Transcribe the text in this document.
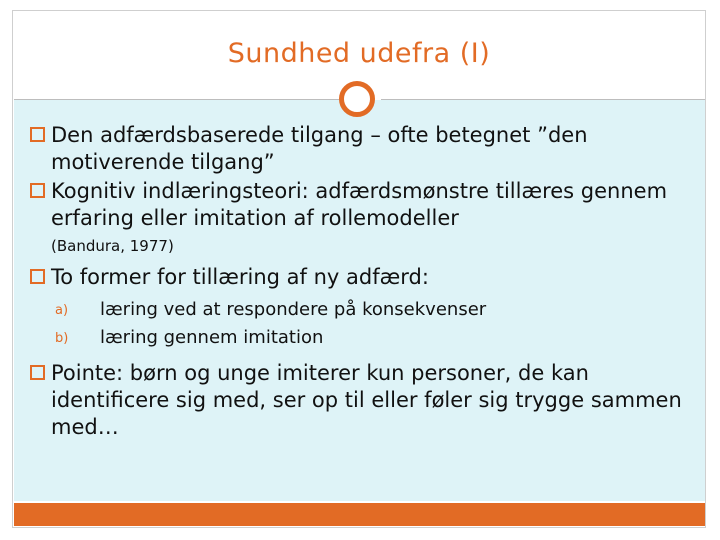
Sundhed udefra (I)
Den adfærdsbaserede tilgang – ofte betegnet ”den motiverende tilgang”
Kognitiv indlæringsteori: adfærdsmønstre tillæres gennem erfaring eller imitation af rollemodeller
(Bandura, 1977)
To former for tillæring af ny adfærd:
a) læring ved at respondere på konsekvenser
b) læring gennem imitation
Pointe: børn og unge imiterer kun personer, de kan identificere sig med, ser op til eller føler sig trygge sammen med…
